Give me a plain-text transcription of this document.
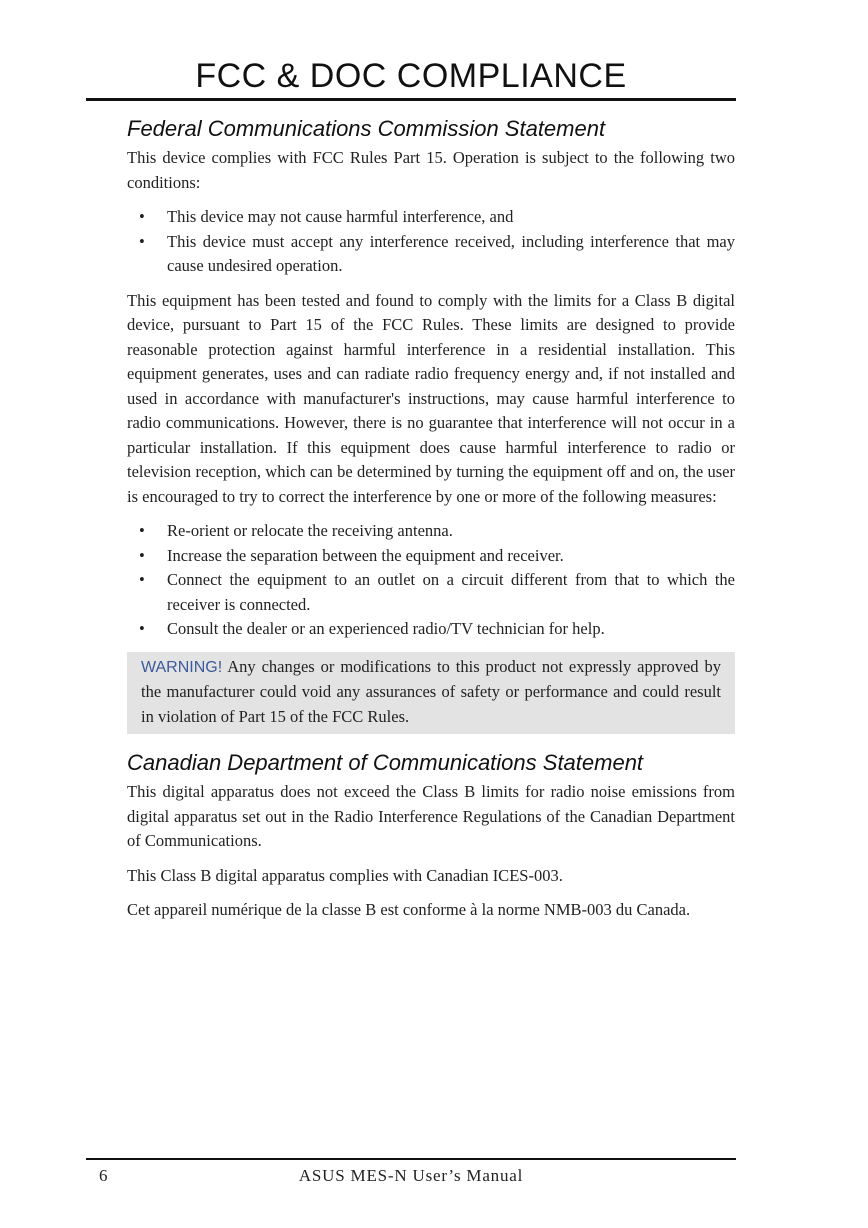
FCC & DOC COMPLIANCE
Federal Communications Commission Statement

This device complies with FCC Rules Part 15. Operation is subject to the following two conditions:

• This device may not cause harmful interference, and
• This device must accept any interference received, including interference that may cause undesired operation.

This equipment has been tested and found to comply with the limits for a Class B digital device, pursuant to Part 15 of the FCC Rules. These limits are designed to provide reasonable protection against harmful interference in a residential installation. This equipment generates, uses and can radiate radio frequency energy and, if not installed and used in accordance with manufacturer's instructions, may cause harmful interference to radio communications. However, there is no guarantee that interference will not occur in a particular installation. If this equipment does cause harmful interference to radio or television reception, which can be determined by turning the equipment off and on, the user is encouraged to try to correct the interference by one or more of the following measures:

• Re-orient or relocate the receiving antenna.
• Increase the separation between the equipment and receiver.
• Connect the equipment to an outlet on a circuit different from that to which the receiver is connected.
• Consult the dealer or an experienced radio/TV technician for help.
WARNING! Any changes or modifications to this product not expressly approved by the manufacturer could void any assurances of safety or performance and could result in violation of Part 15 of the FCC Rules.
Canadian Department of Communications Statement

This digital apparatus does not exceed the Class B limits for radio noise emissions from digital apparatus set out in the Radio Interference Regulations of the Canadian Department of Communications.

This Class B digital apparatus complies with Canadian ICES-003.

Cet appareil numérique de la classe B est conforme à la norme NMB-003 du Canada.

6	ASUS MES-N User’s Manual
